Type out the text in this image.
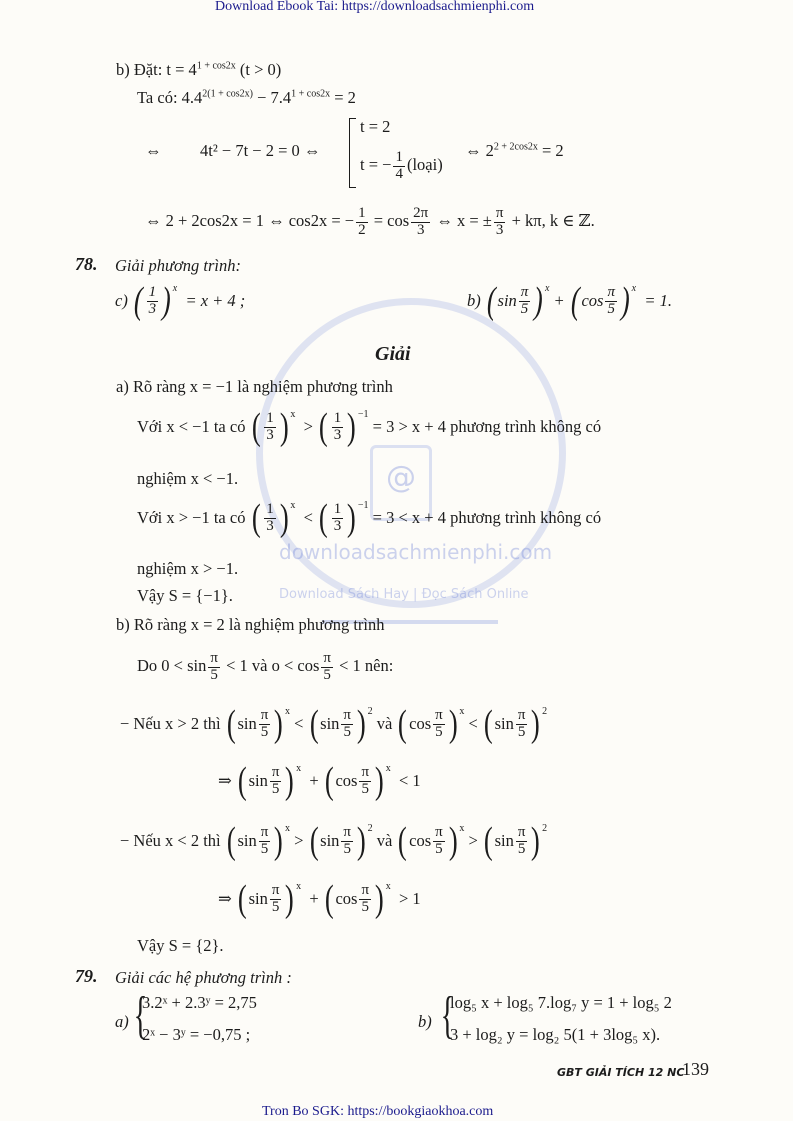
Download Ebook Tai: https://downloadsachmienphi.com
Tron Bo SGK: https://bookgiaokhoa.com
@
downloadsachmienphi.com
Download Sách Hay | Đọc Sách Online
b) Đặt: $t = 4^{1 + cos2x}$ (t > 0)
Ta có: $4.4^{2(1 + cos2x)} - 7.4^{1 + cos2x} = 2$
⇔ 4t² − 7t − 2 = 0 ⇔
t = 2
t = − $\frac{1}{4}$ (loại)
⇔ $2^{2 + 2cos2x} = 2$
⇔ 2 + 2cos2x = 1 ⇔ cos2x = − $\frac{1}{2} = \cos \frac{2\pi}{3}$ ⇔ x = ± $\frac{\pi}{3} + k\pi$, k ∈ ℤ.
78. Giải phương trình:
c)
( 1
3 )$^x$

= x + 4 ;	b)
( sin π
5 )$^x$

+
( cos π
5 )$^x$

= 1.
Giải
a) Rõ ràng x = −1 là nghiệm phương trình
Với x < −1 ta có
( 1
3 )$^x$

>
( 1
3 )$^{-1}$

= 3 > x + 4 phương trình không có
nghiệm x < −1.
Với x > −1 ta có
( 1
3 )$^x$

<
( 1
3 )$^{-1}$

= 3 < x + 4 phương trình không có
nghiệm x > −1.
Vậy S = {−1}.
b) Rõ ràng x = 2 là nghiệm phương trình
Do $0 < \sin \frac{\pi}{5} < 1$ và $o < \cos \frac{\pi}{5} < 1$ nên:
− Nếu x > 2 thì
( sin π
5 )$^x$

<
( sin π
5 )$^2$

và
( cos π
5 )$^x$

<
( sin π
5 )$^2$
⇒
( sin π
5 )$^x$

+
( cos π
5 )$^x$

< 1
− Nếu x < 2 thì
( sin π
5 )$^x$

>
( sin π
5 )$^2$

và
( cos π
5 )$^x$

>
( sin π
5 )$^2$
⇒
( sin π
5 )$^x$

+
( cos π
5 )$^x$

> 1
Vậy S = {2}.
79. Giải các hệ phương trình :
a) {
3.2ˣ + 2.3ʸ = 2,75
2ˣ − 3ʸ = −0,75 ;
b) {
log₅ x + log₅ 7.log₇ y = 1 + log₅ 2
3 + log₂ y = log₂ 5(1 + 3log₅ x).
GBT GIẢI TÍCH 12 NC
139
